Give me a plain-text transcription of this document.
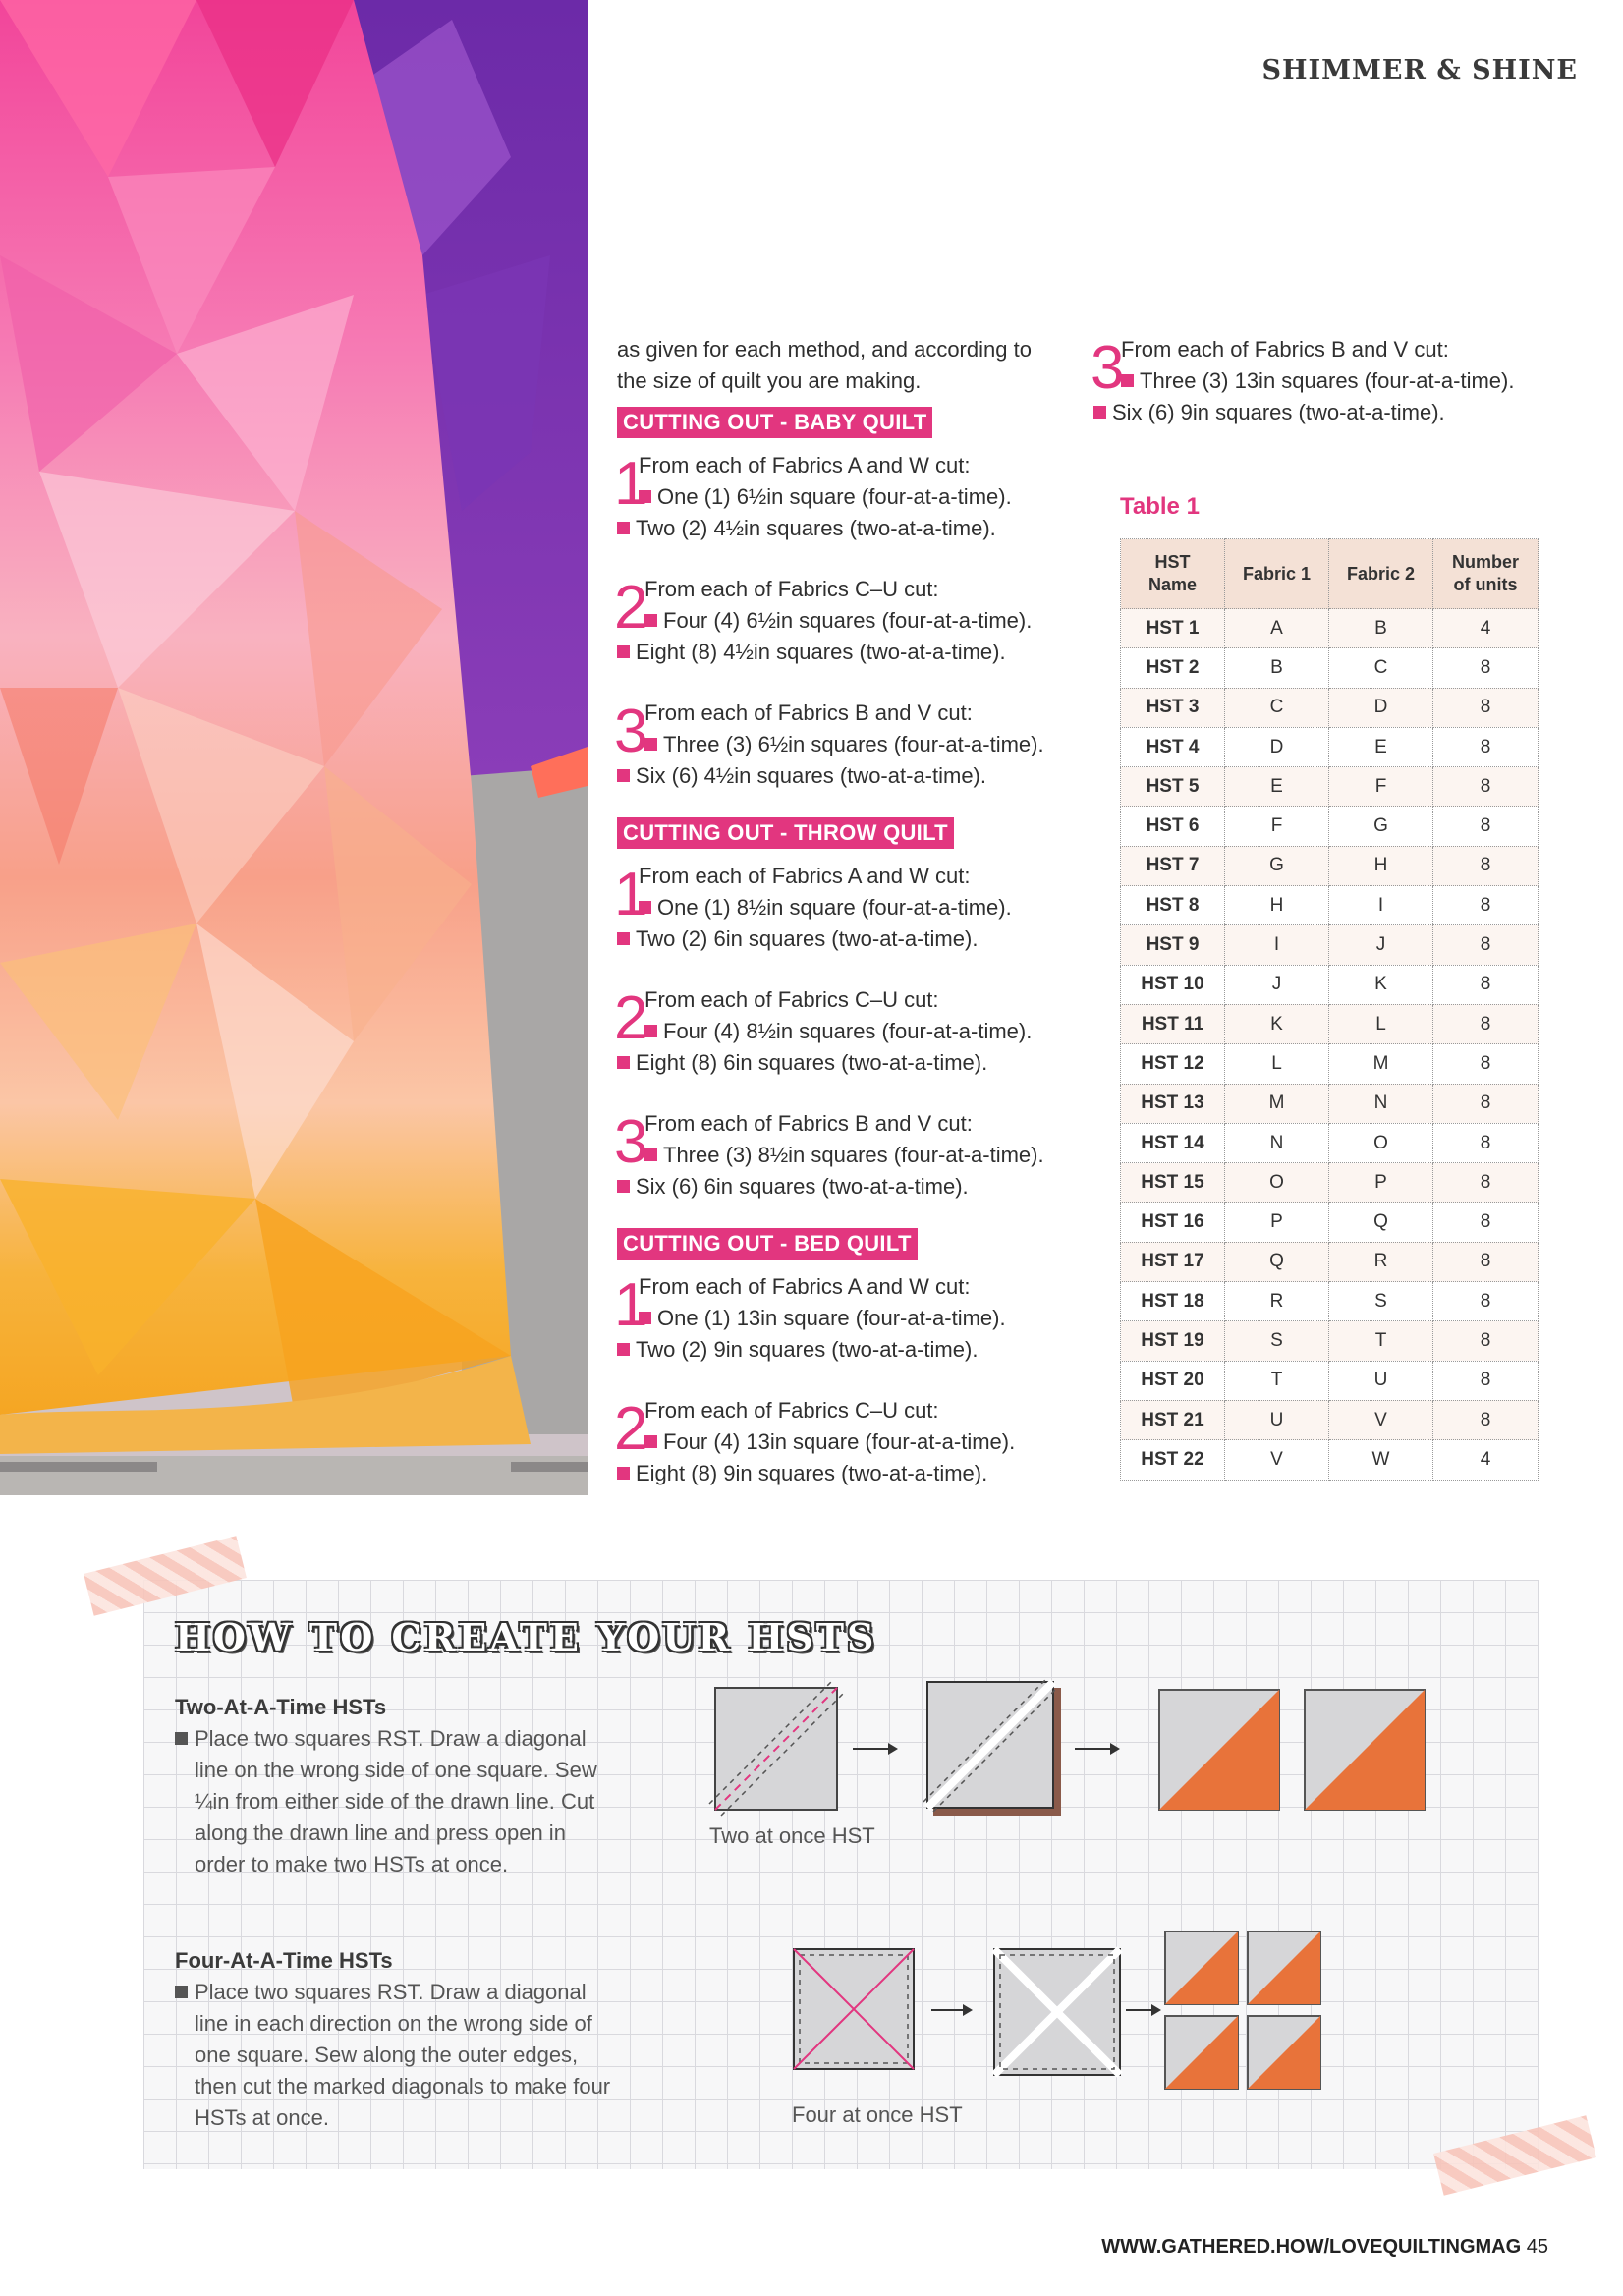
SHIMMER & SHINE

as given for each method, and according to the size of quilt you are making.

CUTTING OUT - BABY QUILT
1
From each of Fabrics A and W cut:
One (1) 6½in square (four-at-a-time).
Two (2) 4½in squares (two-at-a-time).
2
From each of Fabrics C–U cut:
Four (4) 6½in squares (four-at-a-time).
Eight (8) 4½in squares (two-at-a-time).
3
From each of Fabrics B and V cut:
Three (3) 6½in squares (four-at-a-time).
Six (6) 4½in squares (two-at-a-time).
CUTTING OUT - THROW QUILT
1
From each of Fabrics A and W cut:
One (1) 8½in square (four-at-a-time).
Two (2) 6in squares (two-at-a-time).
2
From each of Fabrics C–U cut:
Four (4) 8½in squares (four-at-a-time).
Eight (8) 6in squares (two-at-a-time).
3
From each of Fabrics B and V cut:
Three (3) 8½in squares (four-at-a-time).
Six (6) 6in squares (two-at-a-time).
CUTTING OUT - BED QUILT
1
From each of Fabrics A and W cut:
One (1) 13in square (four-at-a-time).
Two (2) 9in squares (two-at-a-time).
2
From each of Fabrics C–U cut:
Four (4) 13in square (four-at-a-time).
Eight (8) 9in squares (two-at-a-time).
3
From each of Fabrics B and V cut:
Three (3) 13in squares (four-at-a-time).
Six (6) 9in squares (two-at-a-time).
Table 1
HST Name	Fabric 1	Fabric 2	Number of units
HST 1	A	B	4
HST 2	B	C	8
HST 3	C	D	8
HST 4	D	E	8
HST 5	E	F	8
HST 6	F	G	8
HST 7	G	H	8
HST 8	H	I	8
HST 9	I	J	8
HST 10	J	K	8
HST 11	K	L	8
HST 12	L	M	8
HST 13	M	N	8
HST 14	N	O	8
HST 15	O	P	8
HST 16	P	Q	8
HST 17	Q	R	8
HST 18	R	S	8
HST 19	S	T	8
HST 20	T	U	8
HST 21	U	V	8
HST 22	V	W	4
HOW TO CREATE YOUR HSTS
Two-At-A-Time HSTs
Place two squares RST. Draw a diagonal line on the wrong side of one square. Sew ¼in from either side of the drawn line. Cut along the drawn line and press open in order to make two HSTs at once.
Four-At-A-Time HSTs
Place two squares RST. Draw a diagonal line in each direction on the wrong side of one square. Sew along the outer edges, then cut the marked diagonals to make four HSTs at once.
Two at once HST
Four at once HST
WWW.GATHERED.HOW/LOVEQUILTINGMAG 45
